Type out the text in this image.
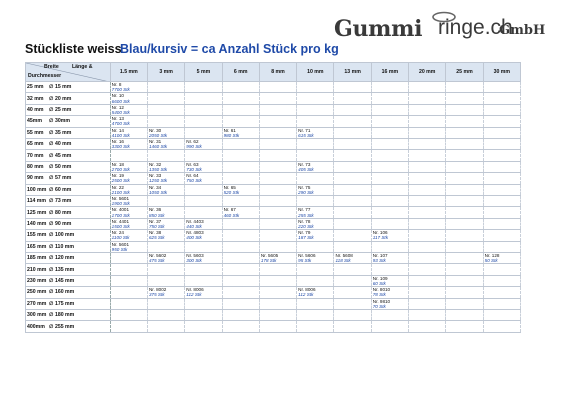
Gummi ringe.ch
GmbH
Stückliste weiss
Blau/kursiv = ca Anzahl Stück pro kg
Breite Länge &
Durchmesser	1.5 mm	3 mm	5 mm	6 mm	8 mm	10 mm	13 mm	16 mm	20 mm	25 mm	30 mm
25 mm ∅ 15 mm	Nr. 8
7700 Stk										

32 mm ∅ 20 mm	Nr. 10
6600 Stk										

40 mm ∅ 25 mm	Nr. 12
5400 Stk										

45mm ∅ 30mm	Nr. 13
4700 Stk										

55 mm ∅ 35 mm	Nr. 14
4100 Stk	Nr. 30
2050 Stk		Nr. 61
980 Stk		Nr. 71
615 Stk					

65 mm ∅ 40 mm	Nr. 16
3300 Stk	Nr. 31
1460 Stk	Nr. 62
990 Stk								

70 mm ∅ 45 mm											
80 mm ∅ 50 mm	Nr. 18
2700 Stk	Nr. 32
1350 Stk	Nr. 63
730 Stk			Nr. 73
405 Stk					

90 mm ∅ 57 mm	Nr. 19
2500 Stk	Nr. 33
1250 Stk	Nr. 64
750 Stk								

100 mm ∅ 60 mm	Nr. 22
2100 Stk	Nr. 34
1050 Stk		Nr. 65
520 Stk		Nr. 75
290 Stk					

114 mm ∅ 73 mm	Nr. 5601
1900 Stk										

125 mm ∅ 80 mm	Nr. 4001
1700 Stk	Nr. 36
850 Stk		Nr. 67
460 Stk		Nr. 77
255 Stk					

140 mm ∅ 90 mm	Nr. 4401
1500 Stk	Nr. 37
750 Stk	Nr. 4403
440 Stk			Nr. 78
220 Stk					

155 mm ∅ 100 mm	Nr. 24
1100 Stk	Nr. 38
625 Stk	Nr. 4803
400 Stk			Nr. 79
187 Stk		Nr. 106
117 Stk			

165 mm ∅ 110 mm	Nr. 5601
950 Stk										

185 mm ∅ 120 mm		Nr. 5602
475 Stk	Nr. 5603
300 Stk		Nr. 5605
178 Stk	Nr. 5606
95 Stk	Nr. 5608
118 Stk	Nr. 107
93 Stk			Nr. 128
50 Stk

210 mm ∅ 135 mm											
230 mm ∅ 145 mm								Nr. 109
60 Stk			

250 mm ∅ 160 mm		Nr. 8002
375 Stk	Nr. 8006
112 Stk			Nr. 8006
112 Stk		Nr. 8010
78 Stk			

270 mm ∅ 175 mm								Nr. 9810
70 Stk			

300 mm ∅ 180 mm											
400mm ∅ 255 mm											
